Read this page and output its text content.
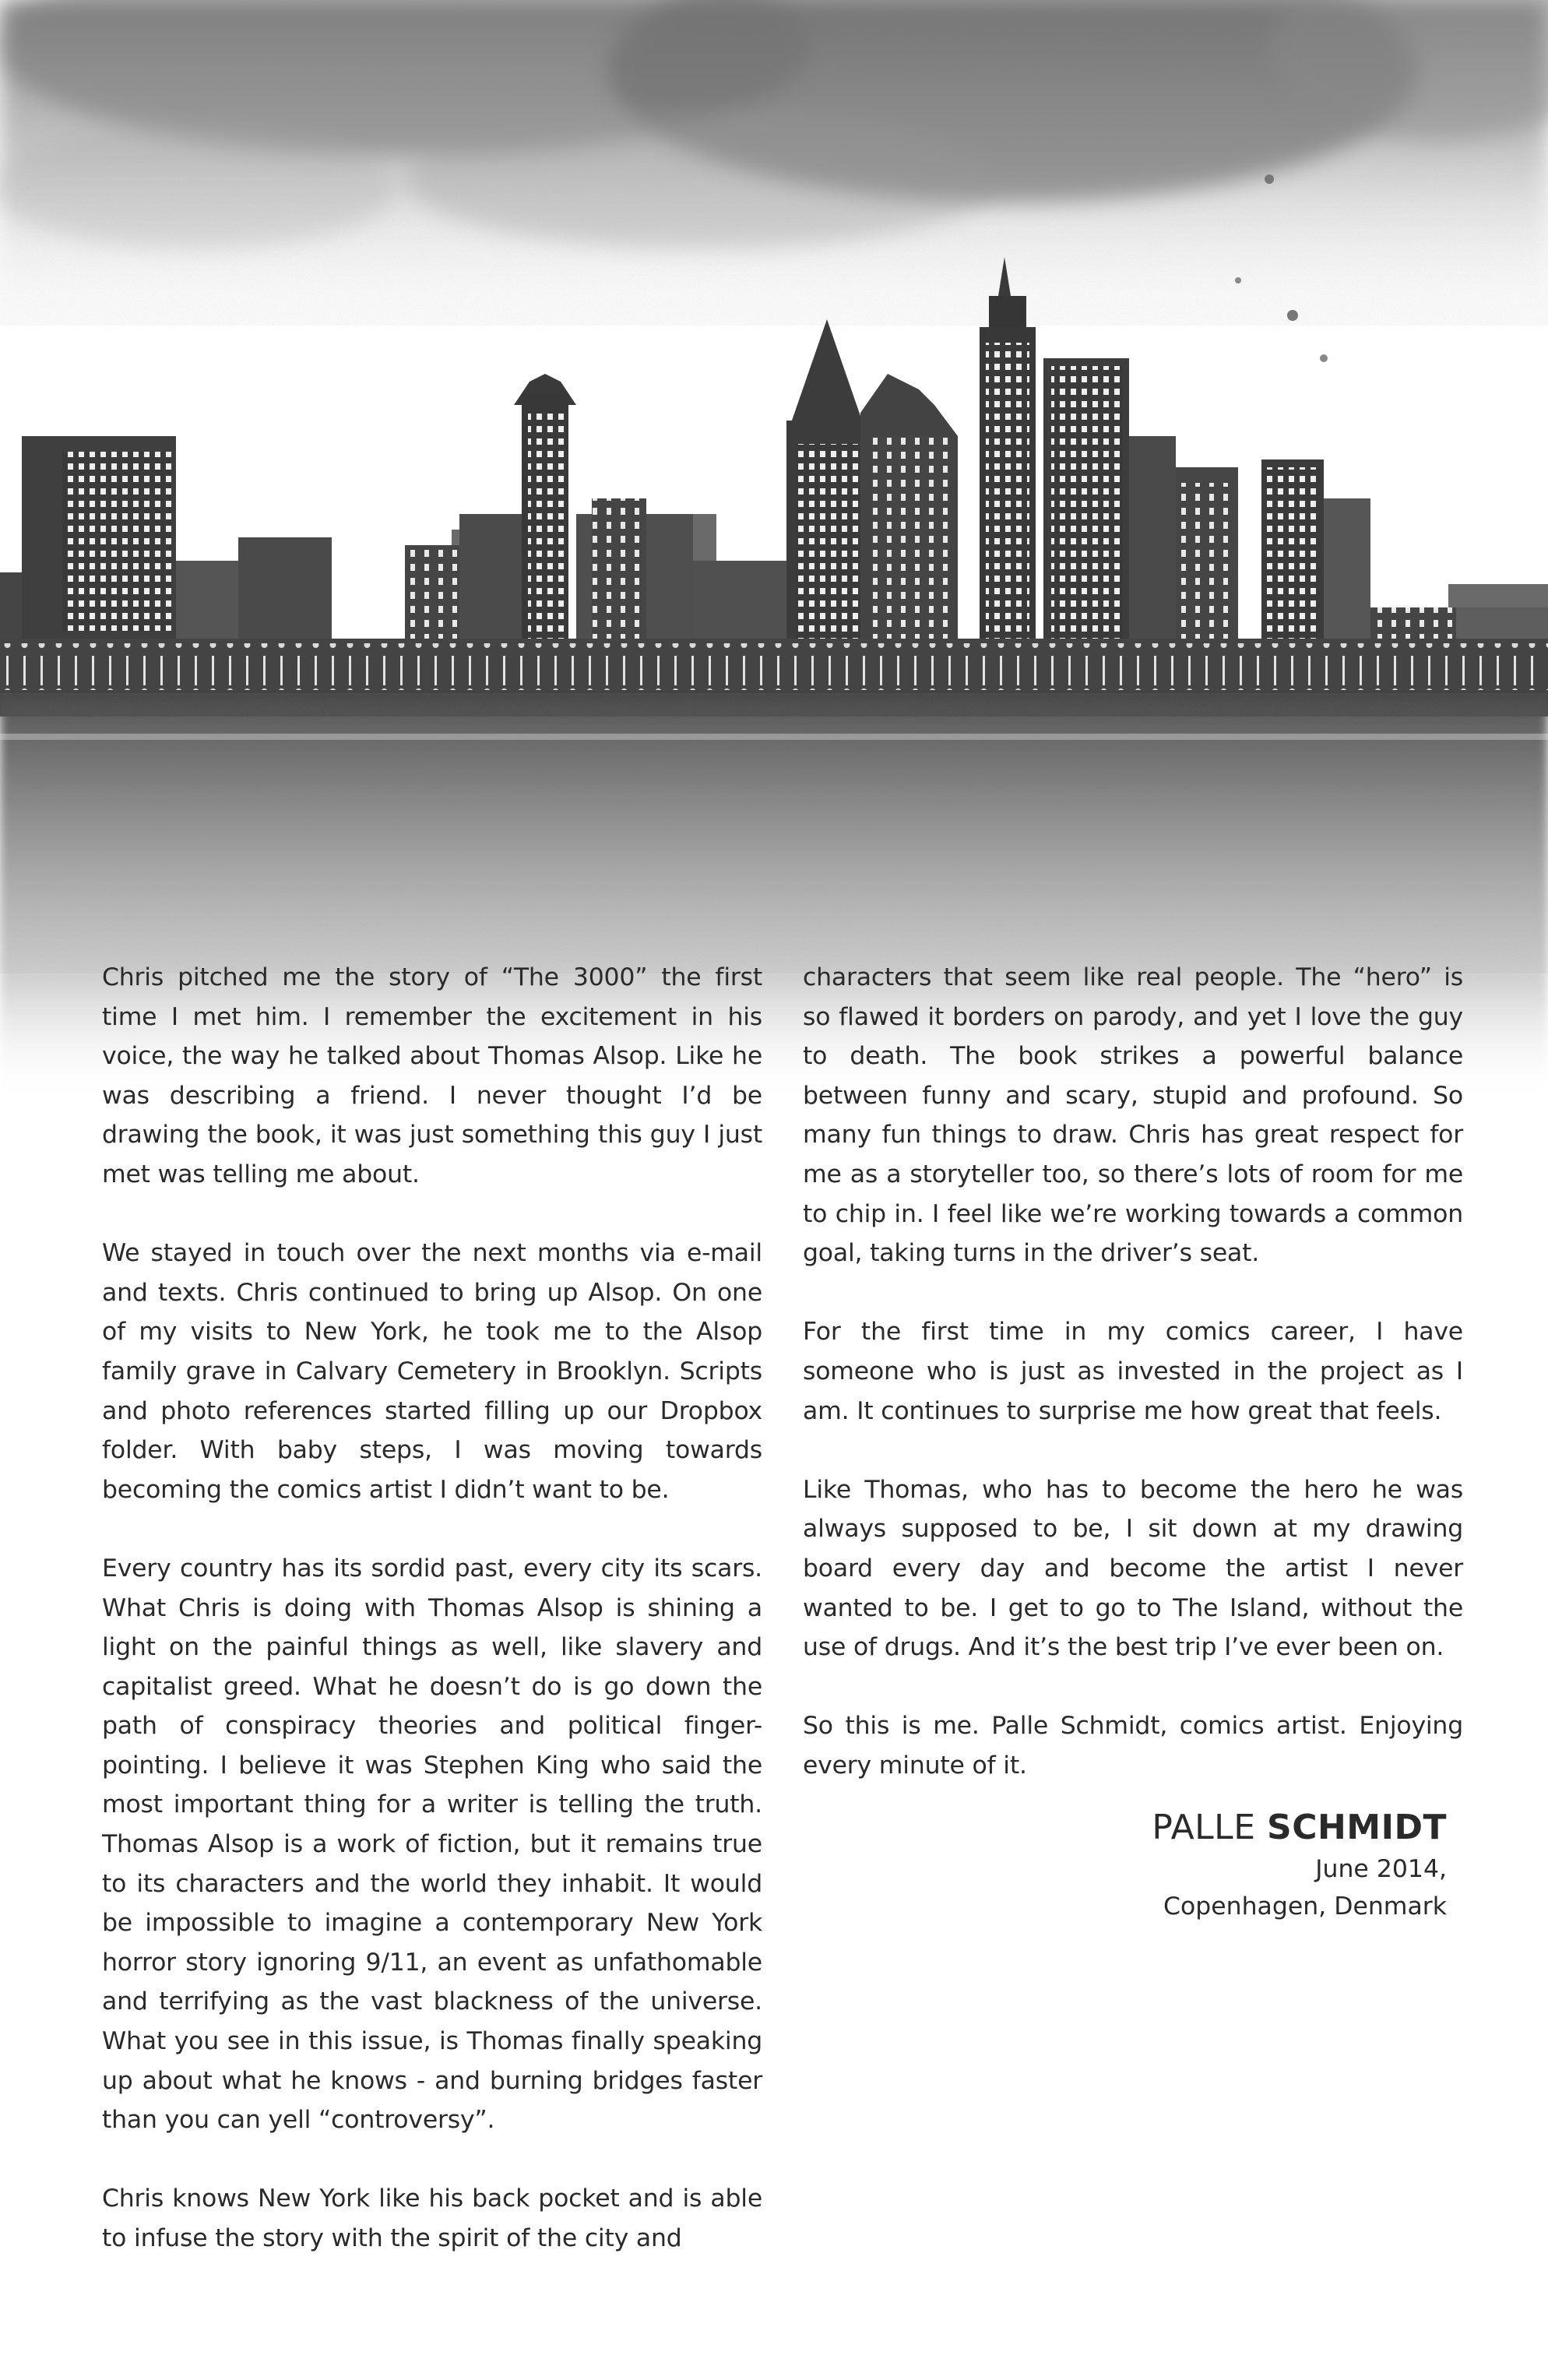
Chris pitched me the story of “The 3000” the first time I met him. I remember the excitement in his voice, the way he talked about Thomas Alsop. Like he was describing a friend. I never thought I’d be drawing the book, it was just something this guy I just met was telling me about.

We stayed in touch over the next months via e-mail and texts. Chris continued to bring up Alsop. On one of my visits to New York, he took me to the Alsop family grave in Calvary Cemetery in Brooklyn. Scripts and photo references started filling up our Dropbox folder. With baby steps, I was moving towards becoming the comics artist I didn’t want to be.

Every country has its sordid past, every city its scars. What Chris is doing with Thomas Alsop is shining a light on the painful things as well, like slavery and capitalist greed. What he doesn’t do is go down the path of conspiracy theories and political finger-pointing. I believe it was Stephen King who said the most important thing for a writer is telling the truth. Thomas Alsop is a work of fiction, but it remains true to its characters and the world they inhabit. It would be impossible to imagine a contemporary New York horror story ignoring 9/11, an event as unfathomable and terrifying as the vast blackness of the universe. What you see in this issue, is Thomas finally speaking up about what he knows - and burning bridges faster than you can yell “controversy”.

Chris knows New York like his back pocket and is able to infuse the story with the spirit of the city and

characters that seem like real people. The “hero” is so flawed it borders on parody, and yet I love the guy to death. The book strikes a powerful balance between funny and scary, stupid and profound. So many fun things to draw. Chris has great respect for me as a storyteller too, so there’s lots of room for me to chip in. I feel like we’re working towards a common goal, taking turns in the driver’s seat.

For the first time in my comics career, I have someone who is just as invested in the project as I am. It continues to surprise me how great that feels.

Like Thomas, who has to become the hero he was always supposed to be, I sit down at my drawing board every day and become the artist I never wanted to be. I get to go to The Island, without the use of drugs. And it’s the best trip I’ve ever been on.

So this is me. Palle Schmidt, comics artist. Enjoying every minute of it.

PALLE SCHMIDT
June 2014,
Copenhagen, Denmark
